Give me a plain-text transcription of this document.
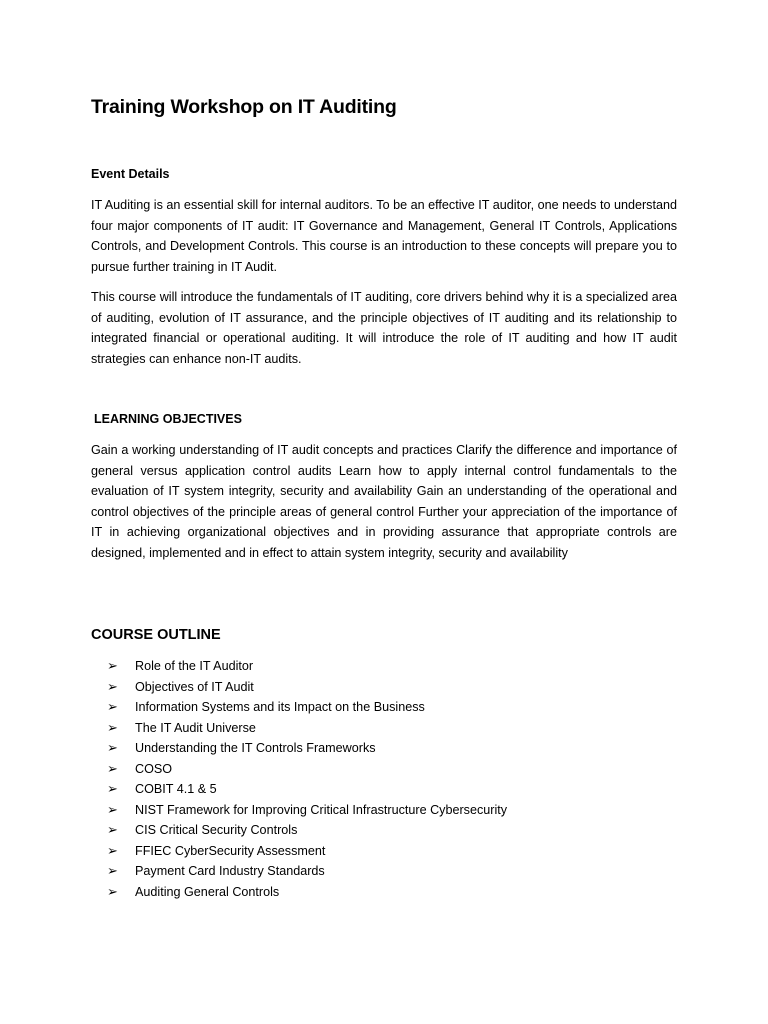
Training Workshop on IT Auditing
Event Details

IT Auditing is an essential skill for internal auditors. To be an effective IT auditor, one needs to understand four major components of IT audit: IT Governance and Management, General IT Controls, Applications Controls, and Development Controls. This course is an introduction to these concepts will prepare you to pursue further training in IT Audit.

This course will introduce the fundamentals of IT auditing, core drivers behind why it is a specialized area of auditing, evolution of IT assurance, and the principle objectives of IT auditing and its relationship to integrated financial or operational auditing. It will introduce the role of IT auditing and how IT audit strategies can enhance non-IT audits.

LEARNING OBJECTIVES

Gain a working understanding of IT audit concepts and practices Clarify the difference and importance of general versus application control audits Learn how to apply internal control fundamentals to the evaluation of IT system integrity, security and availability Gain an understanding of the operational and control objectives of the principle areas of general control Further your appreciation of the importance of IT in achieving organizational objectives and in providing assurance that appropriate controls are designed, implemented and in effect to attain system integrity, security and availability

COURSE OUTLINE
➢	Role of the IT Auditor
➢	Objectives of IT Audit
➢	Information Systems and its Impact on the Business
➢	The IT Audit Universe
➢	Understanding the IT Controls Frameworks
➢	COSO
➢	COBIT 4.1 & 5
➢	NIST Framework for Improving Critical Infrastructure Cybersecurity
➢	CIS Critical Security Controls
➢	FFIEC CyberSecurity Assessment
➢	Payment Card Industry Standards
➢	Auditing General Controls
